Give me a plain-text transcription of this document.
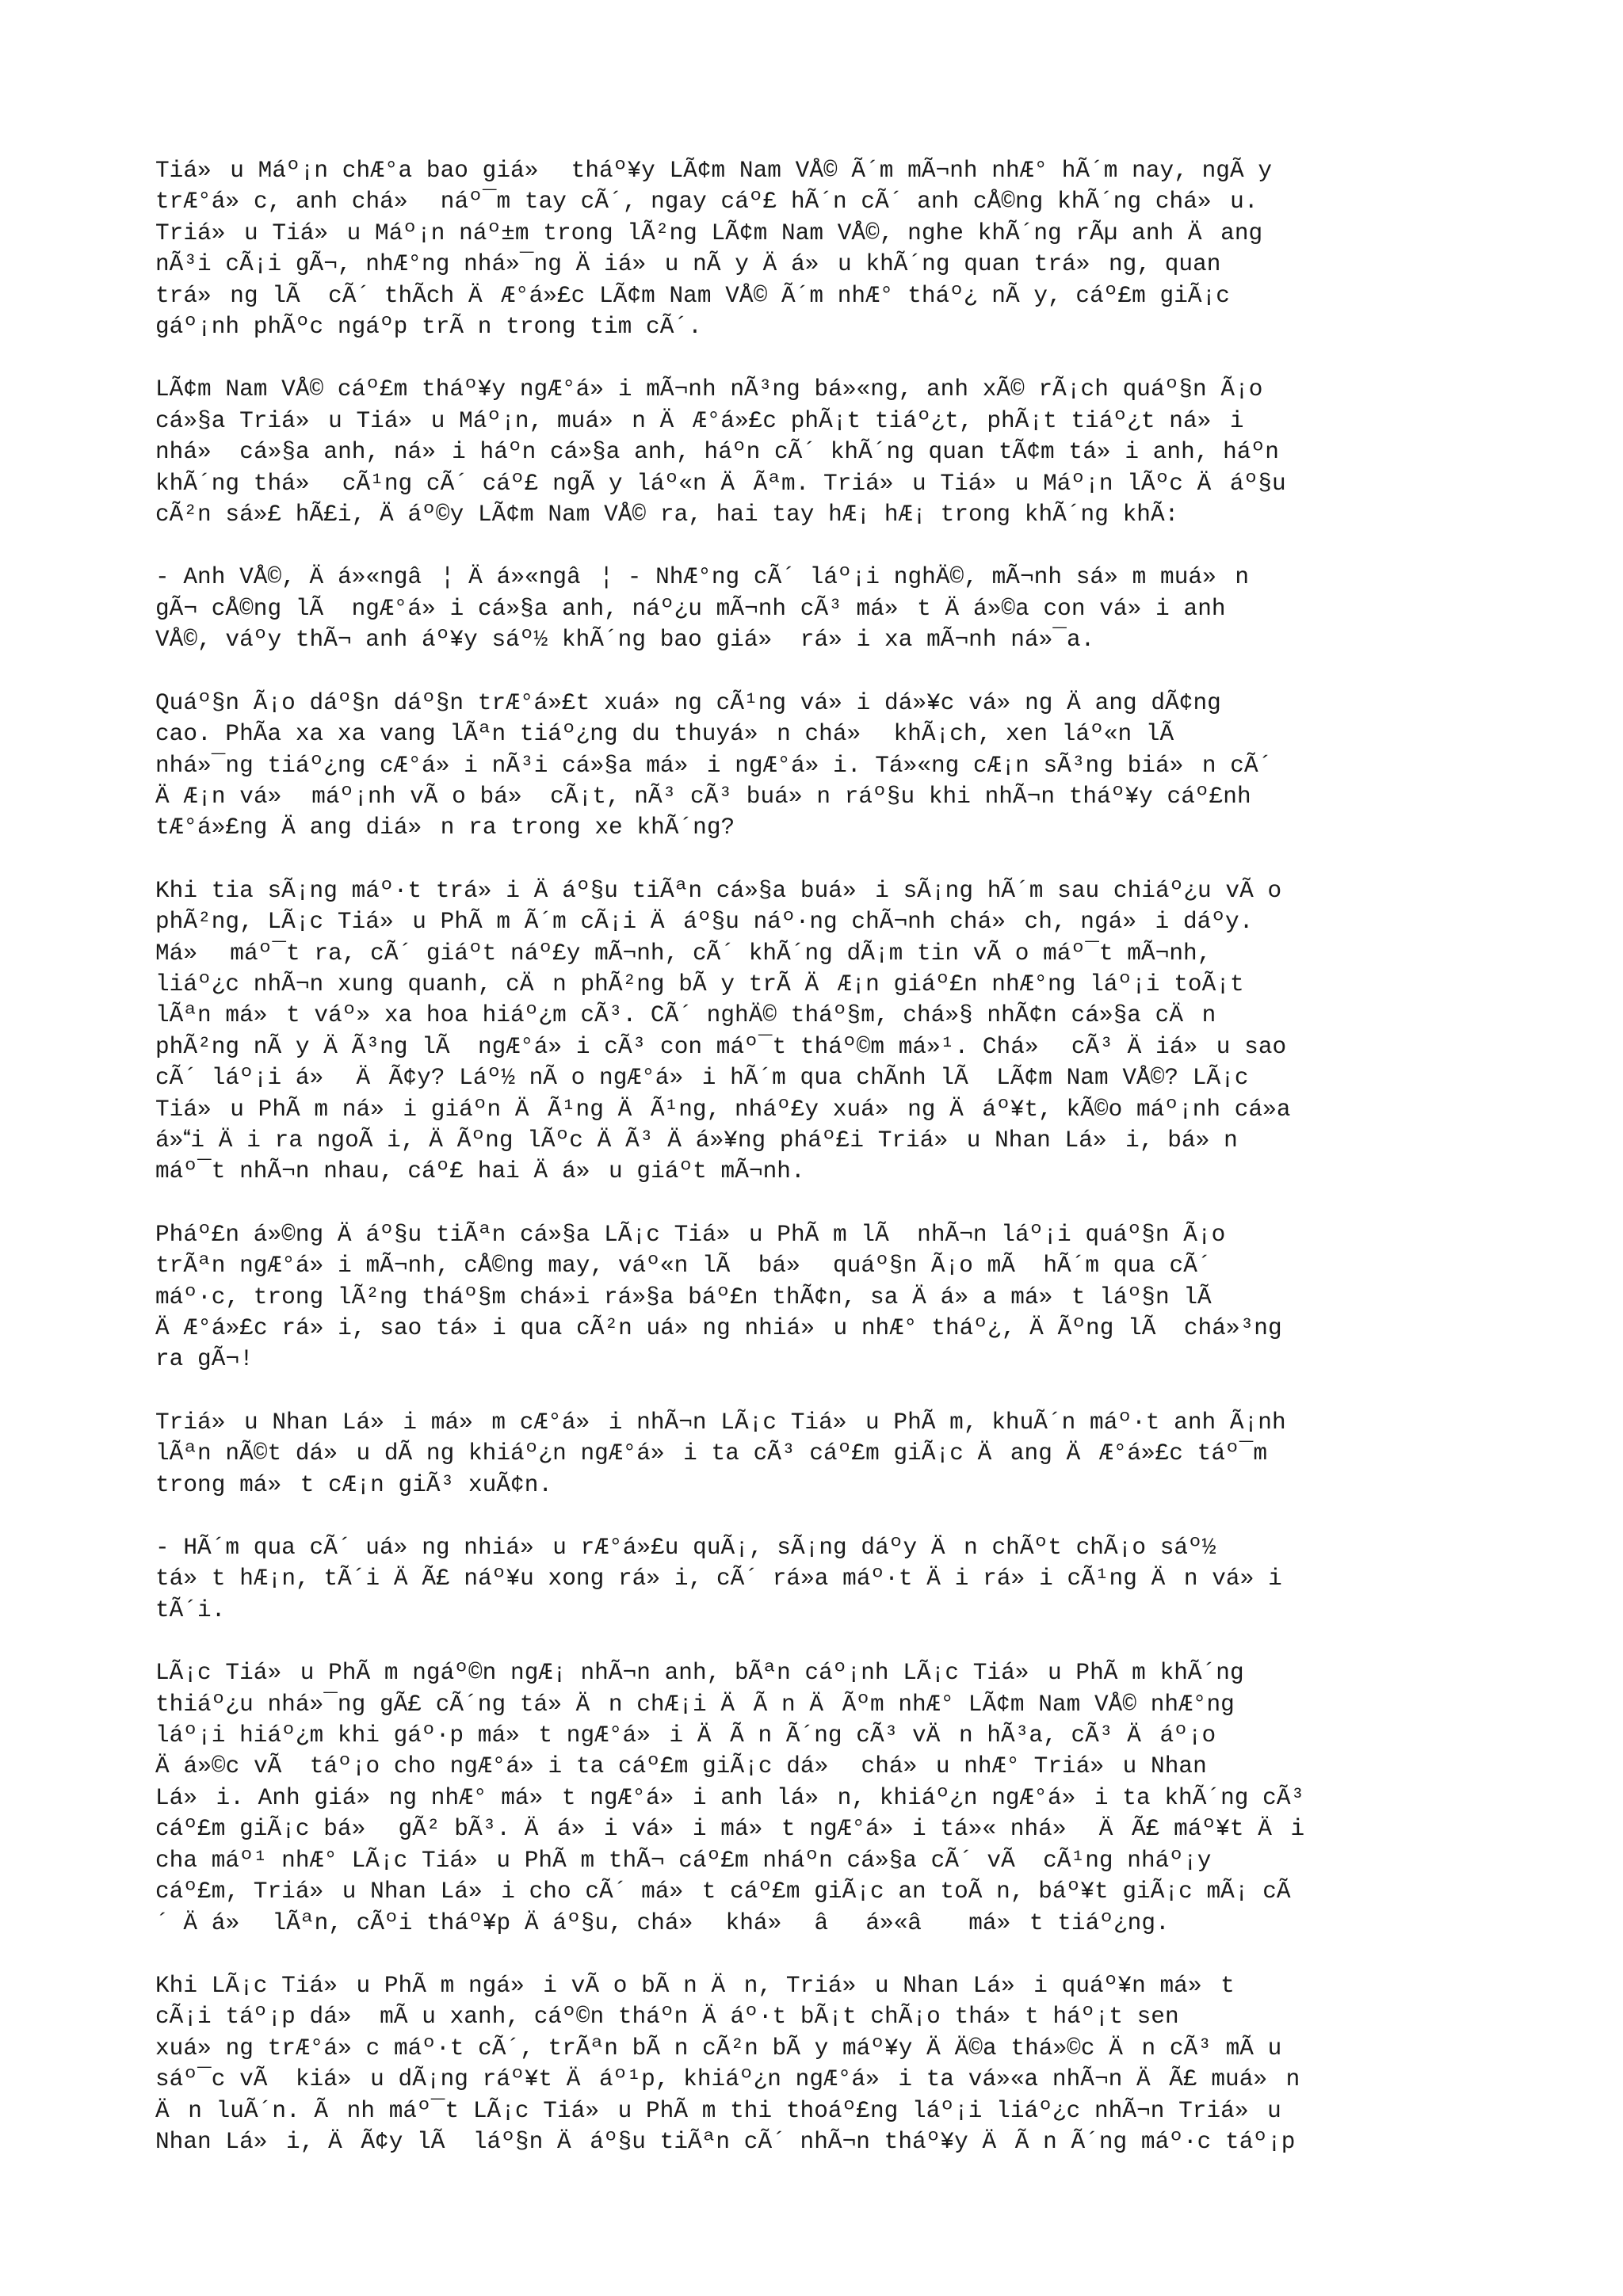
Tiá»u Máº¡n chÆ°a bao giá» tháº¥y LÃ¢m Nam VÅ© Ã´m mÃ¬nh nhÆ° hÃ´m nay, ngÃ y
trÆ°á»c, anh chá» náº¯m tay cÃ´, ngay cáº£ hÃ´n cÃ´ anh cÅ©ng khÃ´ng chá»u.
Triá»u Tiá»u Máº¡n náº±m trong lÃ²ng LÃ¢m Nam VÅ©, nghe khÃ´ng rÃµ anh Äang
nÃ³i cÃ¡i gÃ¬, nhÆ°ng nhá»¯ng Äiá»u nÃ y Äá»u khÃ´ng quan trá»ng, quan
trá»ng lÃ  cÃ´ thÃch ÄÆ°á»£c LÃ¢m Nam VÅ© Ã´m nhÆ° tháº¿ nÃ y, cáº£m giÃ¡c
gáº¡nh phÃºc ngáºp trÃ n trong tim cÃ´.

LÃ¢m Nam VÅ© cáº£m tháº¥y ngÆ°á»i mÃ¬nh nÃ³ng bá»«ng, anh xÃ© rÃ¡ch quáº§n Ã¡o
cá»§a Triá»u Tiá»u Máº¡n, muá»n ÄÆ°á»£c phÃ¡t tiáº¿t, phÃ¡t tiáº¿t ná»i
nhá» cá»§a anh, ná»i háºn cá»§a anh, háºn cÃ´ khÃ´ng quan tÃ¢m tá»i anh, háºn
khÃ´ng thá» cÃ¹ng cÃ´ cáº£ ngÃ y láº«n ÄÃªm. Triá»u Tiá»u Máº¡n lÃºc Äáº§u
cÃ²n sá»£ hÃ£i, Äáº©y LÃ¢m Nam VÅ© ra, hai tay hÆ¡ hÆ¡ trong khÃ´ng khÃ:

- Anh VÅ©, Äá»«ngâ¦ Äá»«ngâ¦ - NhÆ°ng cÃ´ láº¡i nghÄ©, mÃ¬nh sá»m muá»n
gÃ¬ cÅ©ng lÃ  ngÆ°á»i cá»§a anh, náº¿u mÃ¬nh cÃ³ má»t Äá»©a con vá»i anh
VÅ©, váºy thÃ¬ anh áº¥y sáº½ khÃ´ng bao giá» rá»i xa mÃ¬nh ná»¯a.

Quáº§n Ã¡o dáº§n dáº§n trÆ°á»£t xuá»ng cÃ¹ng vá»i dá»¥c vá»ng Äang dÃ¢ng
cao. PhÃa xa xa vang lÃªn tiáº¿ng du thuyá»n chá» khÃ¡ch, xen láº«n lÃ
nhá»¯ng tiáº¿ng cÆ°á»i nÃ³i cá»§a má»i ngÆ°á»i. Tá»«ng cÆ¡n sÃ³ng biá»n cÃ´
ÄÆ¡n vá» máº¡nh vÃ o bá» cÃ¡t, nÃ³ cÃ³ buá»n ráº§u khi nhÃ¬n tháº¥y cáº£nh
tÆ°á»£ng Äang diá»n ra trong xe khÃ´ng?

Khi tia sÃ¡ng máº·t trá»i Äáº§u tiÃªn cá»§a buá»i sÃ¡ng hÃ´m sau chiáº¿u vÃ o
phÃ²ng, LÃ¡c Tiá»u PhÃ m Ã´m cÃ¡i Äáº§u náº·ng chÃ¬nh chá»ch, ngá»i dáºy.
Má» máº¯t ra, cÃ´ giáºt náº£y mÃ¬nh, cÃ´ khÃ´ng dÃ¡m tin vÃ o máº¯t mÃ¬nh,
liáº¿c nhÃ¬n xung quanh, cÄn phÃ²ng bÃ y trÃ ÄÆ¡n giáº£n nhÆ°ng láº¡i toÃ¡t
lÃªn má»t váº» xa hoa hiáº¿m cÃ³. CÃ´ nghÄ© tháº§m, chá»§ nhÃ¢n cá»§a cÄn
phÃ²ng nÃ y ÄÃ³ng lÃ  ngÆ°á»i cÃ³ con máº¯t tháº©m má»¹. Chá» cÃ³ Äiá»u sao
cÃ´ láº¡i á» ÄÃ¢y? Láº½ nÃ o ngÆ°á»i hÃ´m qua chÃnh lÃ  LÃ¢m Nam VÅ©? LÃ¡c
Tiá»u PhÃ m ná»i giáºn ÄÃ¹ng ÄÃ¹ng, nháº£y xuá»ng Äáº¥t, kÃ©o máº¡nh cá»a
á»i Äi ra ngoÃ i, ÄÃºng lÃºc ÄÃ³ Äá»¥ng pháº£i Triá»u Nhan Lá»i, bá»n
máº¯t nhÃ¬n nhau, cáº£ hai Äá»u giáºt mÃ¬nh.

Pháº£n á»©ng Äáº§u tiÃªn cá»§a LÃ¡c Tiá»u PhÃ m lÃ  nhÃ¬n láº¡i quáº§n Ã¡o
trÃªn ngÆ°á»i mÃ¬nh, cÅ©ng may, váº«n lÃ  bá» quáº§n Ã¡o mÃ  hÃ´m qua cÃ´
máº·c, trong lÃ²ng tháº§m chá»i rá»§a báº£n thÃ¢n, sa Äá»a má»t láº§n lÃ
ÄÆ°á»£c rá»i, sao tá»i qua cÃ²n uá»ng nhiá»u nhÆ° tháº¿, ÄÃºng lÃ  chá»³ng
ra gÃ¬!

Triá»u Nhan Lá»i má»m cÆ°á»i nhÃ¬n LÃ¡c Tiá»u PhÃ m, khuÃ´n máº·t anh Ã¡nh
lÃªn nÃ©t dá»u dÃ ng khiáº¿n ngÆ°á»i ta cÃ³ cáº£m giÃ¡c Äang ÄÆ°á»£c táº¯m
trong má»t cÆ¡n giÃ³ xuÃ¢n.

- HÃ´m qua cÃ´ uá»ng nhiá»u rÆ°á»£u quÃ¡, sÃ¡ng dáºy Än chÃºt chÃ¡o sáº½
tá»t hÆ¡n, tÃ´i ÄÃ£ náº¥u xong rá»i, cÃ´ rá»a máº·t Äi rá»i cÃ¹ng Än vá»i
tÃ´i.

LÃ¡c Tiá»u PhÃ m ngáº©n ngÆ¡ nhÃ¬n anh, bÃªn cáº¡nh LÃ¡c Tiá»u PhÃ m khÃ´ng
thiáº¿u nhá»¯ng gÃ£ cÃ´ng tá» Än chÆ¡i ÄÃ n ÄÃºm nhÆ° LÃ¢m Nam VÅ© nhÆ°ng
láº¡i hiáº¿m khi gáº·p má»t ngÆ°á»i ÄÃ n Ã´ng cÃ³ vÄn hÃ³a, cÃ³ Äáº¡o
Äá»©c vÃ  táº¡o cho ngÆ°á»i ta cáº£m giÃ¡c dá» chá»u nhÆ° Triá»u Nhan
Lá»i. Anh giá»ng nhÆ° má»t ngÆ°á»i anh lá»n, khiáº¿n ngÆ°á»i ta khÃ´ng cÃ³
cáº£m giÃ¡c bá» gÃ² bÃ³. Äá»i vá»i má»t ngÆ°á»i tá»« nhá» ÄÃ£ máº¥t Äi
cha máº¹ nhÆ° LÃ¡c Tiá»u PhÃ m thÃ¬ cáº£m nháºn cá»§a cÃ´ vÃ  cÃ¹ng nháº¡y
cáº£m, Triá»u Nhan Lá»i cho cÃ´ má»t cáº£m giÃ¡c an toÃ n, báº¥t giÃ¡c mÃ¡ cÃ
´ Äá» lÃªn, cÃºi tháº¥p Äáº§u, chá» khá» âá»«â má»t tiáº¿ng.

Khi LÃ¡c Tiá»u PhÃ m ngá»i vÃ o bÃ n Än, Triá»u Nhan Lá»i quáº¥n má»t
cÃ¡i táº¡p dá» mÃ u xanh, cáº©n tháºn Äáº·t bÃ¡t chÃ¡o thá»t háº¡t sen
xuá»ng trÆ°á»c máº·t cÃ´, trÃªn bÃ n cÃ²n bÃ y máº¥y ÄÄ©a thá»©c Än cÃ³ mÃ u
sáº¯c vÃ  kiá»u dÃ¡ng ráº¥t Äáº¹p, khiáº¿n ngÆ°á»i ta vá»«a nhÃ¬n ÄÃ£ muá»n
Än luÃ´n. Ãnh máº¯t LÃ¡c Tiá»u PhÃ m thi thoáº£ng láº¡i liáº¿c nhÃ¬n Triá»u
Nhan Lá»i, ÄÃ¢y lÃ  láº§n Äáº§u tiÃªn cÃ´ nhÃ¬n tháº¥y ÄÃ n Ã´ng máº·c táº¡p
